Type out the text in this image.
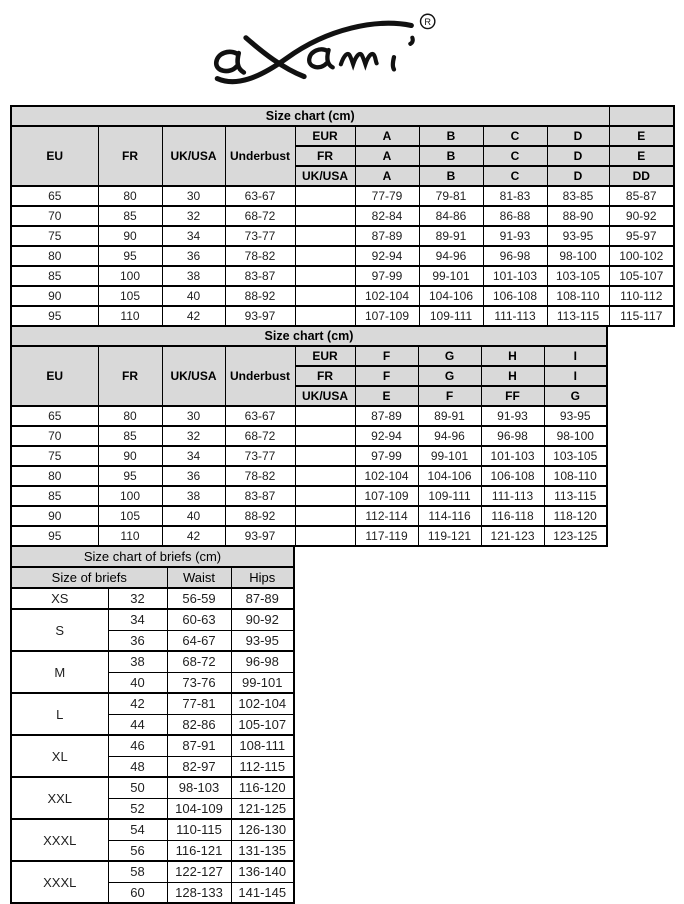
R
Size chart (cm)									
EU	FR	UK/USA	Underbust	EUR	A	B	C	D	E
				FR	A	B	C	D	E
				UK/USA	A	B	C	D	DD
65	80	30	63-67		77-79	79-81	81-83	83-85	85-87
70	85	32	68-72		82-84	84-86	86-88	88-90	90-92
75	90	34	73-77		87-89	89-91	91-93	93-95	95-97
80	95	36	78-82		92-94	94-96	96-98	98-100	100-102
85	100	38	83-87		97-99	99-101	101-103	103-105	105-107
90	105	40	88-92		102-104	104-106	106-108	108-110	110-112
95	110	42	93-97		107-109	109-111	111-113	113-115	115-117
Size chart (cm)								
EU	FR	UK/USA	Underbust	EUR	F	G	H	I
				FR	F	G	H	I
				UK/USA	E	F	FF	G
65	80	30	63-67		87-89	89-91	91-93	93-95
70	85	32	68-72		92-94	94-96	96-98	98-100
75	90	34	73-77		97-99	99-101	101-103	103-105
80	95	36	78-82		102-104	104-106	106-108	108-110
85	100	38	83-87		107-109	109-111	111-113	113-115
90	105	40	88-92		112-114	114-116	116-118	118-120
95	110	42	93-97		117-119	119-121	121-123	123-125
Size chart of briefs (cm)			
Size of briefs		Waist	Hips
XS	32	56-59	87-89
S	34	60-63	90-92
	36	64-67	93-95
M	38	68-72	96-98
	40	73-76	99-101
L	42	77-81	102-104
	44	82-86	105-107
XL	46	87-91	108-111
	48	82-97	112-115
XXL	50	98-103	116-120
	52	104-109	121-125
XXXL	54	110-115	126-130
	56	116-121	131-135
XXXL	58	122-127	136-140
	60	128-133	141-145
